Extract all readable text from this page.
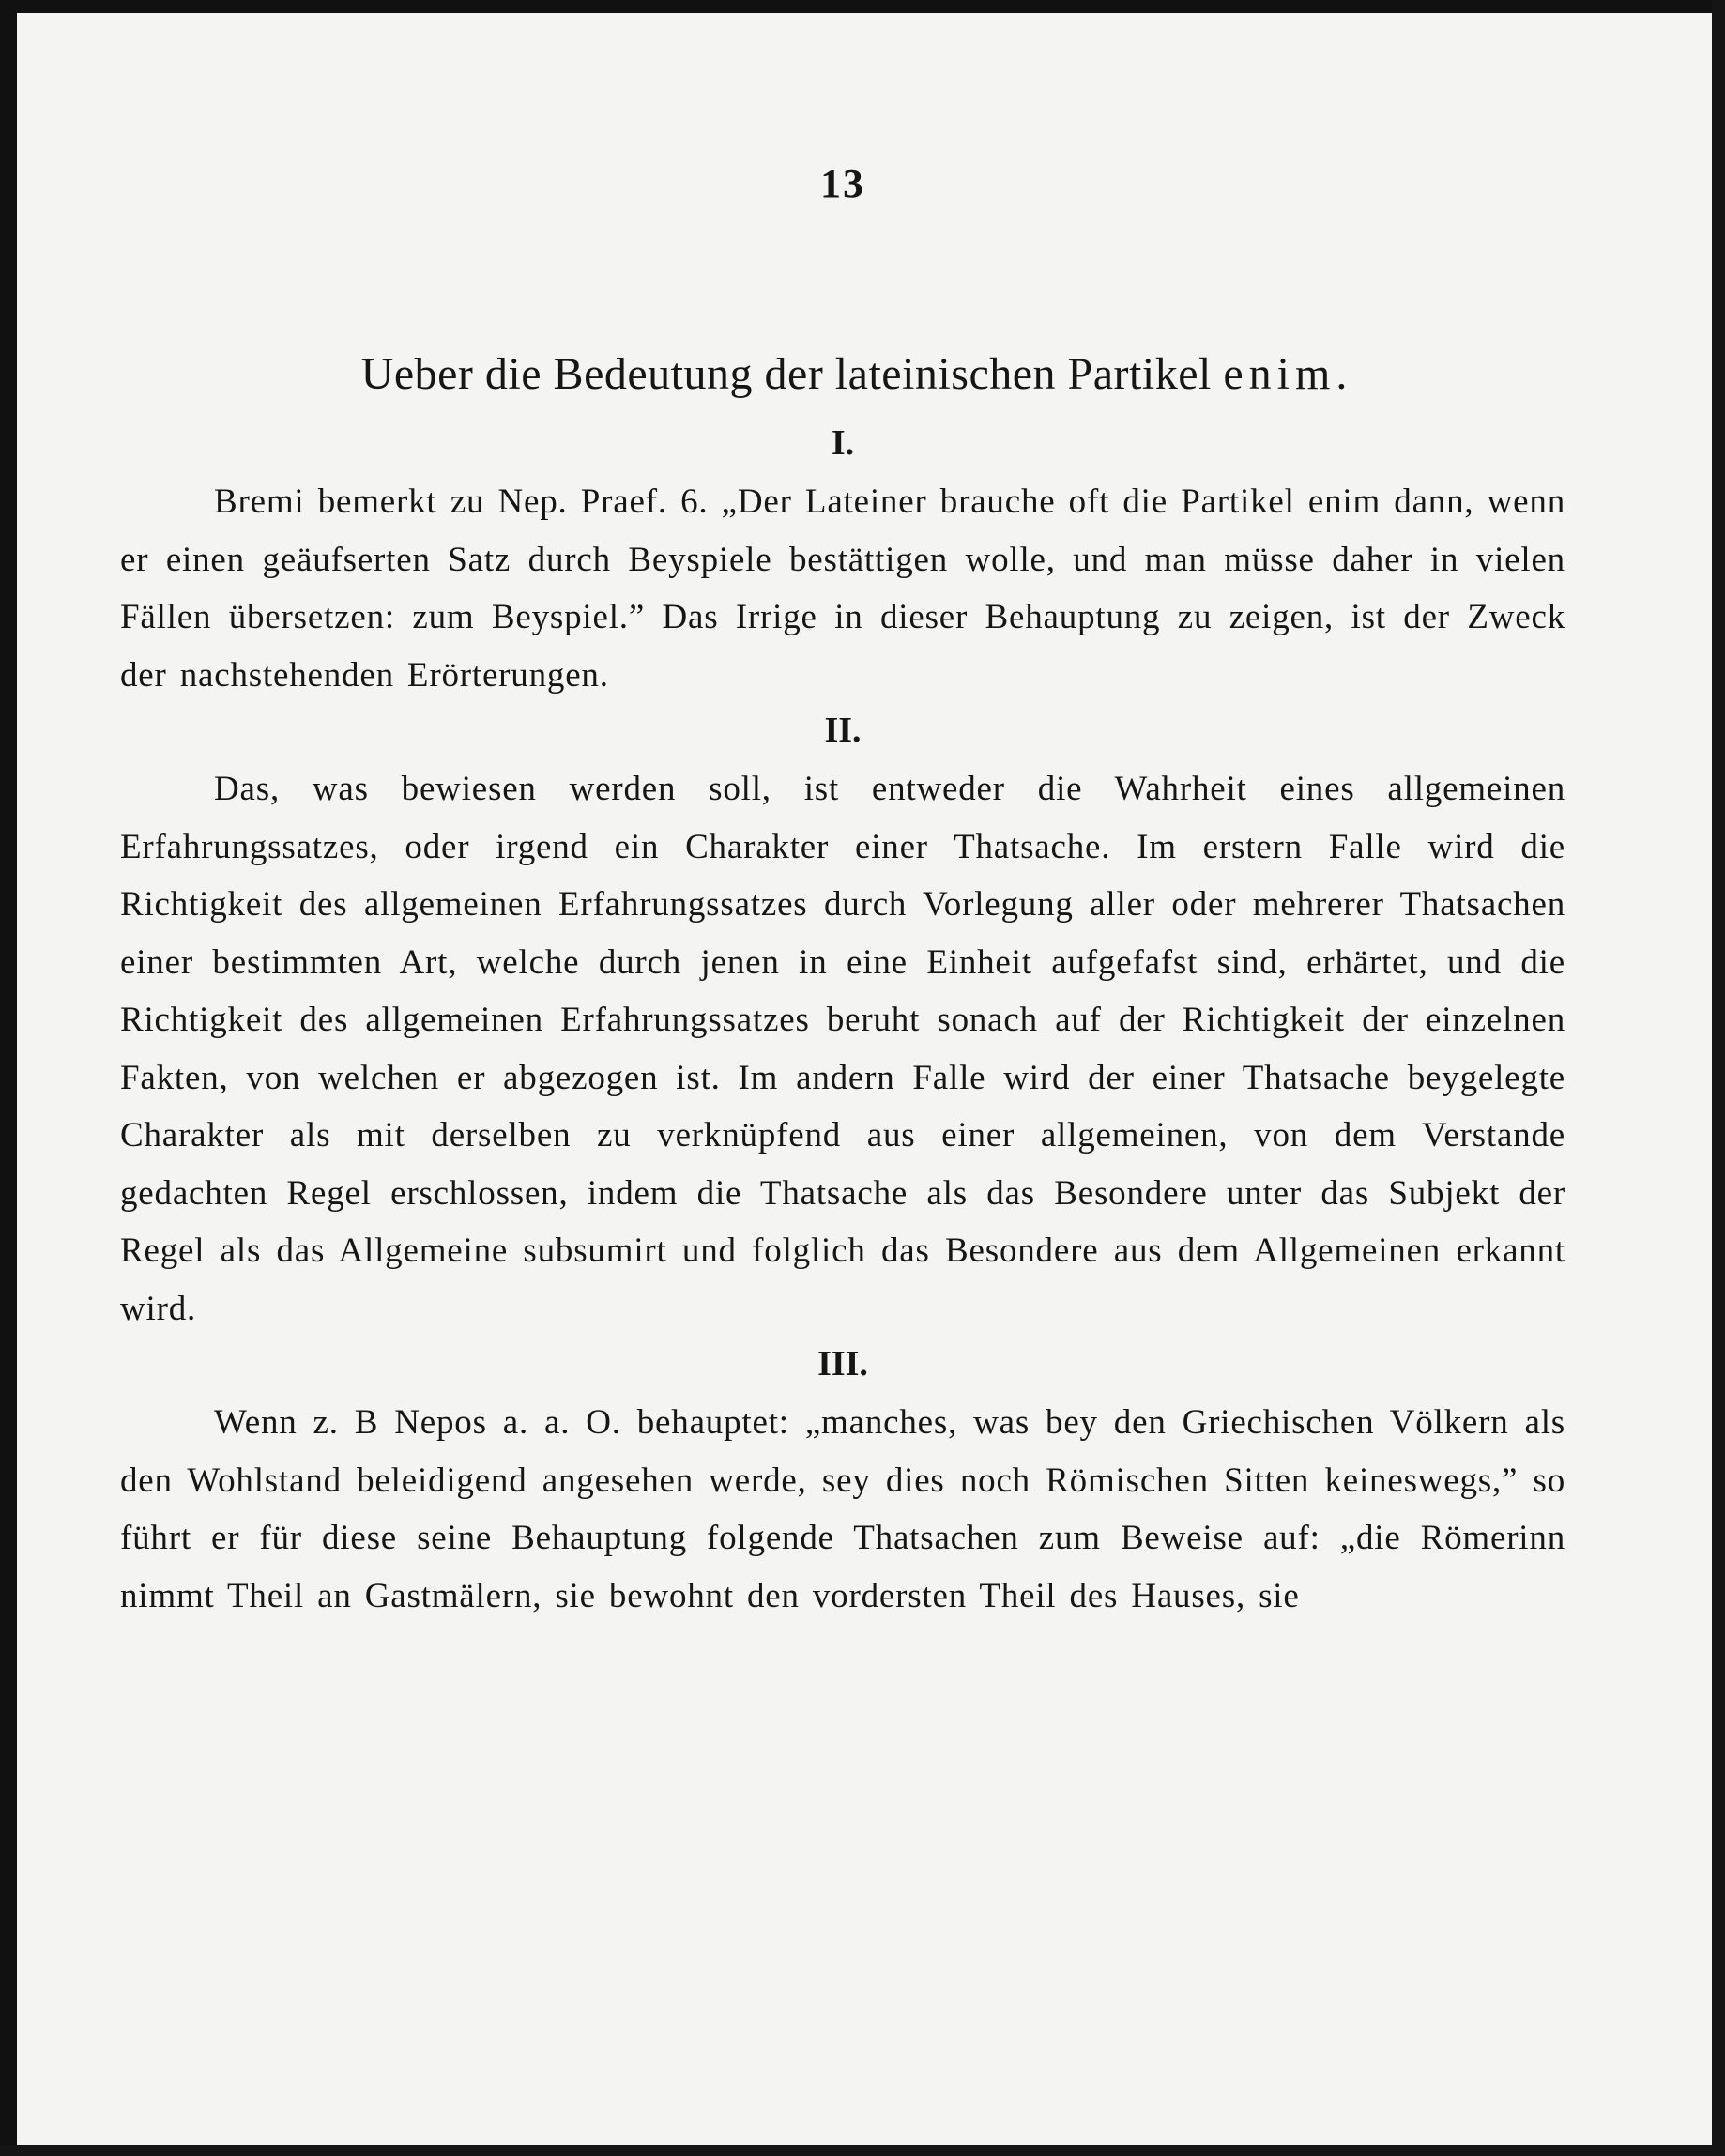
13
Ueber die Bedeutung der lateinischen Partikel enim.
I.

Bremi bemerkt zu Nep. Praef. 6. „Der Lateiner brauche oft die Partikel enim dann, wenn er einen geäufserten Satz durch Beyspiele bestättigen wolle, und man müsse daher in vielen Fällen übersetzen: zum Beyspiel.” Das Irrige in dieser Behauptung zu zeigen, ist der Zweck der nachstehenden Erörterungen.

II.

Das, was bewiesen werden soll, ist entweder die Wahrheit eines allgemeinen Erfahrungssatzes, oder irgend ein Charakter einer Thatsache. Im erstern Falle wird die Richtigkeit des allgemeinen Erfahrungssatzes durch Vorlegung aller oder mehrerer Thatsachen einer bestimmten Art, welche durch jenen in eine Einheit aufgefafst sind, erhärtet, und die Richtigkeit des allgemeinen Erfahrungssatzes beruht sonach auf der Richtigkeit der einzelnen Fakten, von welchen er abgezogen ist. Im andern Falle wird der einer Thatsache beygelegte Charakter als mit derselben zu verknüpfend aus einer allgemeinen, von dem Verstande gedachten Regel erschlossen, indem die Thatsache als das Besondere unter das Subjekt der Regel als das Allgemeine subsumirt und folglich das Besondere aus dem Allgemeinen erkannt wird.

III.

Wenn z. B Nepos a. a. O. behauptet: „manches, was bey den Griechischen Völkern als den Wohlstand beleidigend angesehen werde, sey dies noch Römischen Sitten keineswegs,” so führt er für diese seine Behauptung folgende Thatsachen zum Beweise auf: „die Römerinn nimmt Theil an Gastmälern, sie bewohnt den vordersten Theil des Hauses, sie
